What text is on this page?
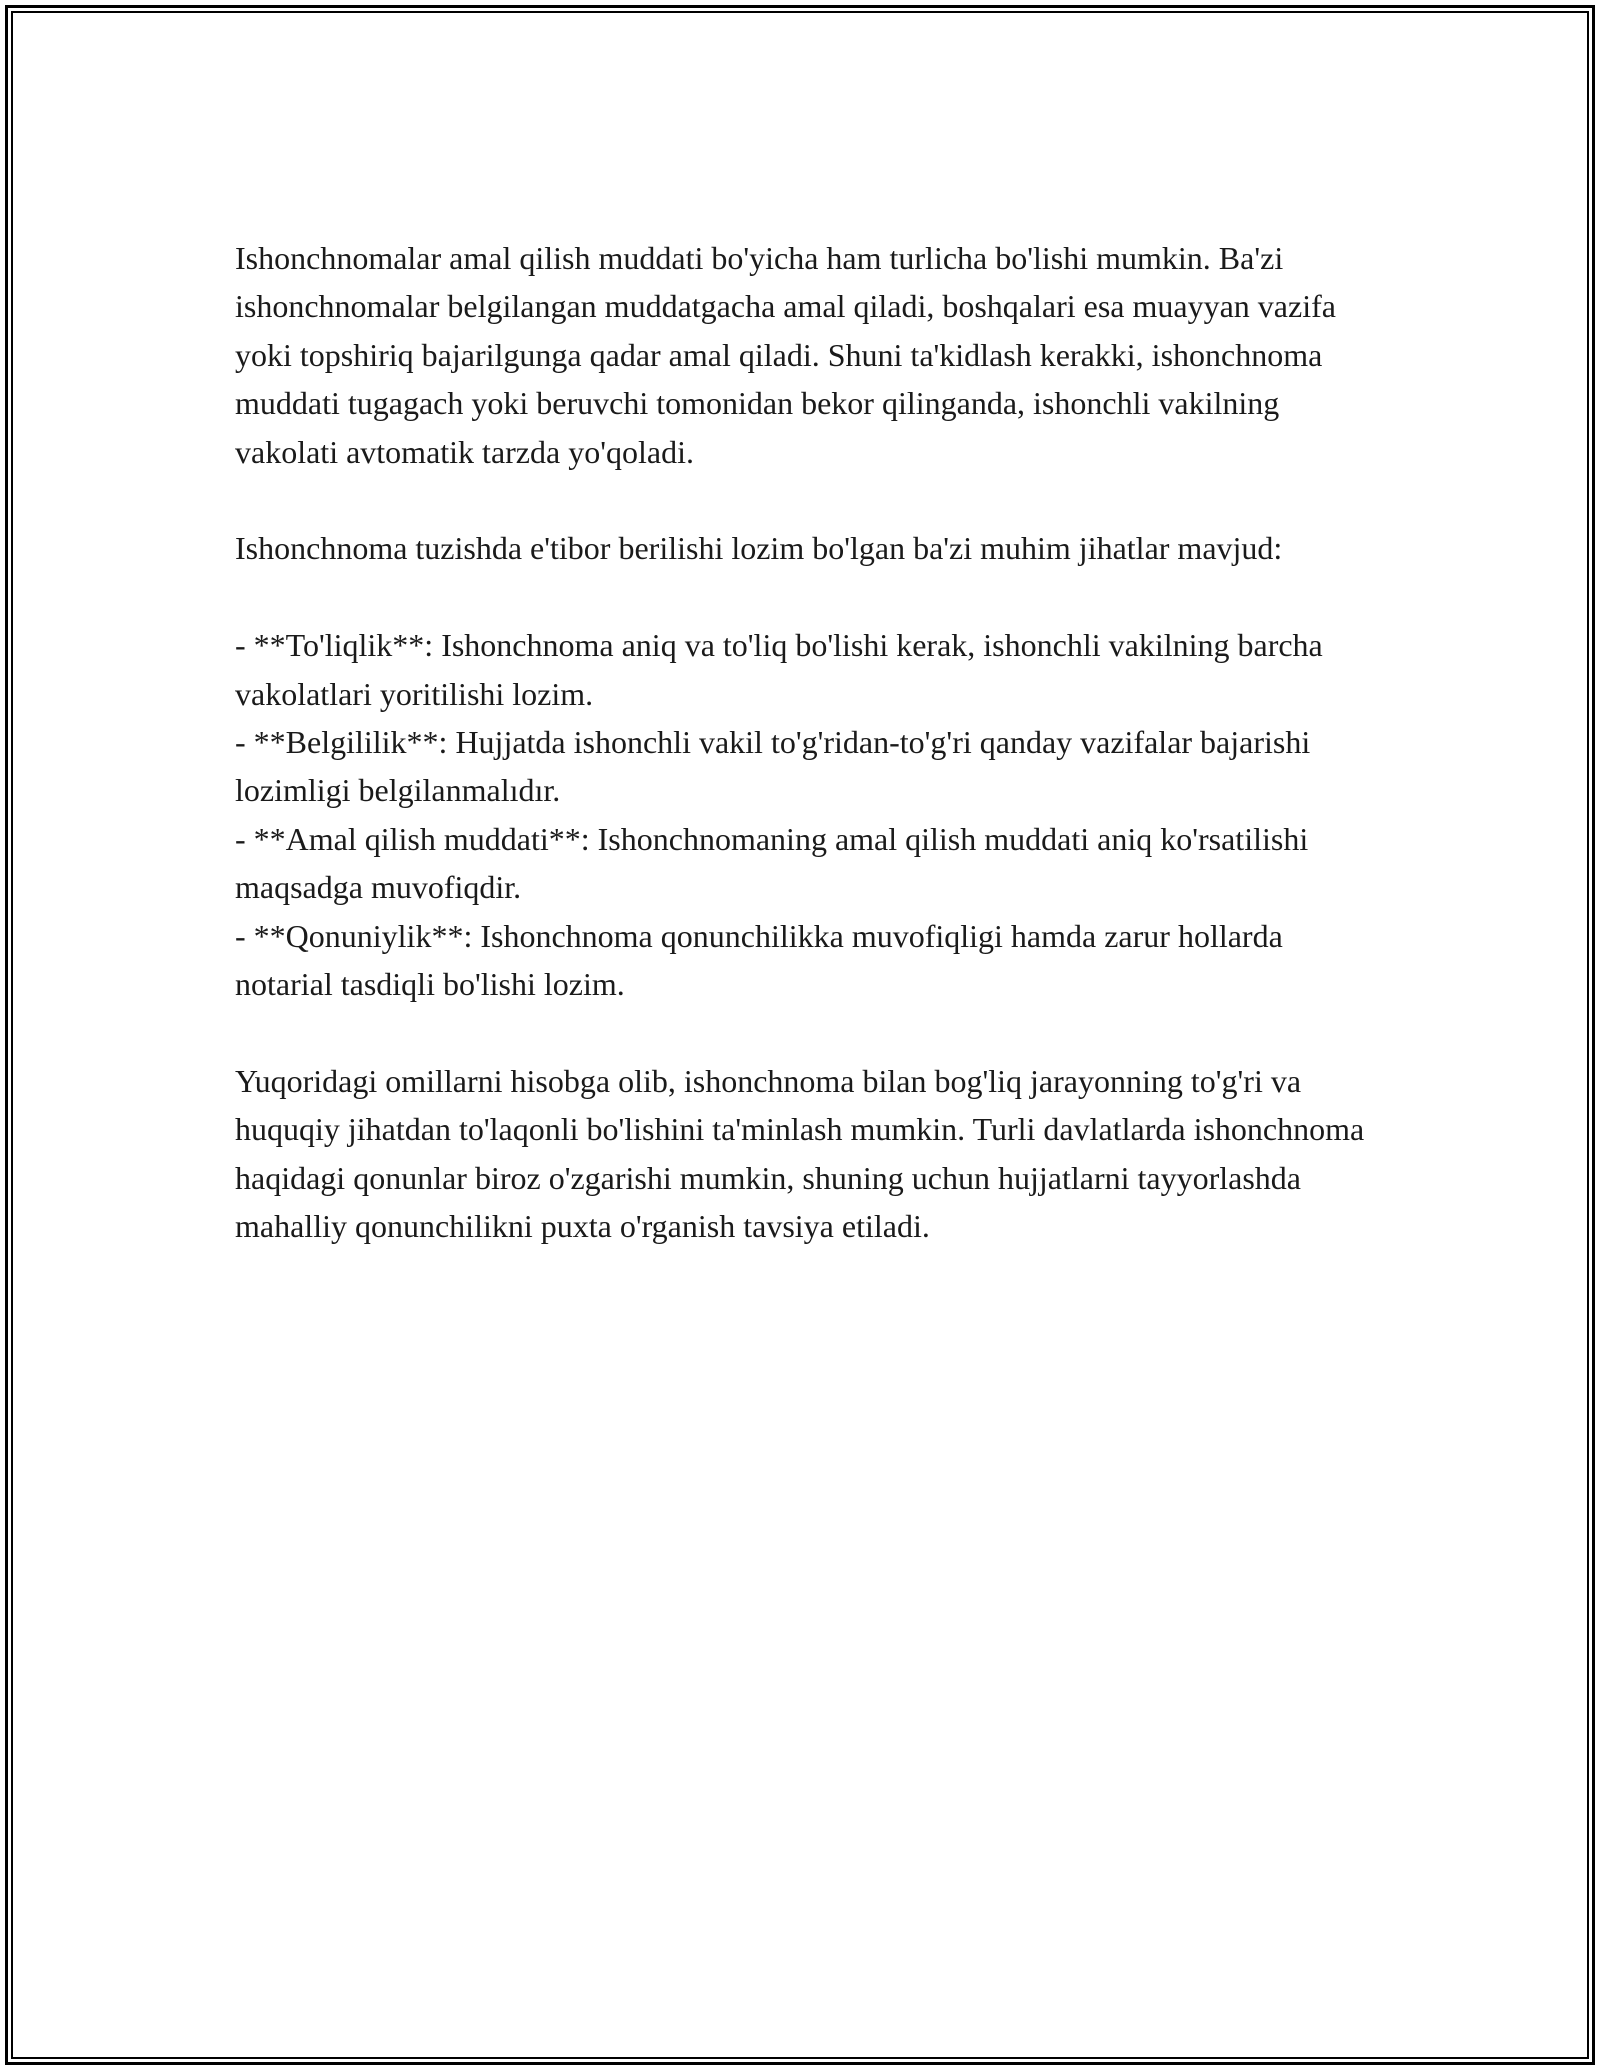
Ishonchnomalar amal qilish muddati bo'yicha ham turlicha bo'lishi mumkin. Ba'zi ishonchnomalar belgilangan muddatgacha amal qiladi, boshqalari esa muayyan vazifa yoki topshiriq bajarilgunga qadar amal qiladi. Shuni ta'kidlash kerakki, ishonchnoma muddati tugagach yoki beruvchi tomonidan bekor qilinganda, ishonchli vakilning vakolati avtomatik tarzda yo'qoladi.

Ishonchnoma tuzishda e'tibor berilishi lozim bo'lgan ba'zi muhim jihatlar mavjud:

- **To'liqlik**: Ishonchnoma aniq va to'liq bo'lishi kerak, ishonchli vakilning barcha vakolatlari yoritilishi lozim.
- **Belgililik**: Hujjatda ishonchli vakil to'g'ridan-to'g'ri qanday vazifalar bajarishi lozimligi belgilanmalıdır.
- **Amal qilish muddati**: Ishonchnomaning amal qilish muddati aniq ko'rsatilishi maqsadga muvofiqdir.
- **Qonuniylik**: Ishonchnoma qonunchilikka muvofiqligi hamda zarur hollarda notarial tasdiqli bo'lishi lozim.

Yuqoridagi omillarni hisobga olib, ishonchnoma bilan bog'liq jarayonning to'g'ri va huquqiy jihatdan to'laqonli bo'lishini ta'minlash mumkin. Turli davlatlarda ishonchnoma haqidagi qonunlar biroz o'zgarishi mumkin, shuning uchun hujjatlarni tayyorlashda mahalliy qonunchilikni puxta o'rganish tavsiya etiladi.
